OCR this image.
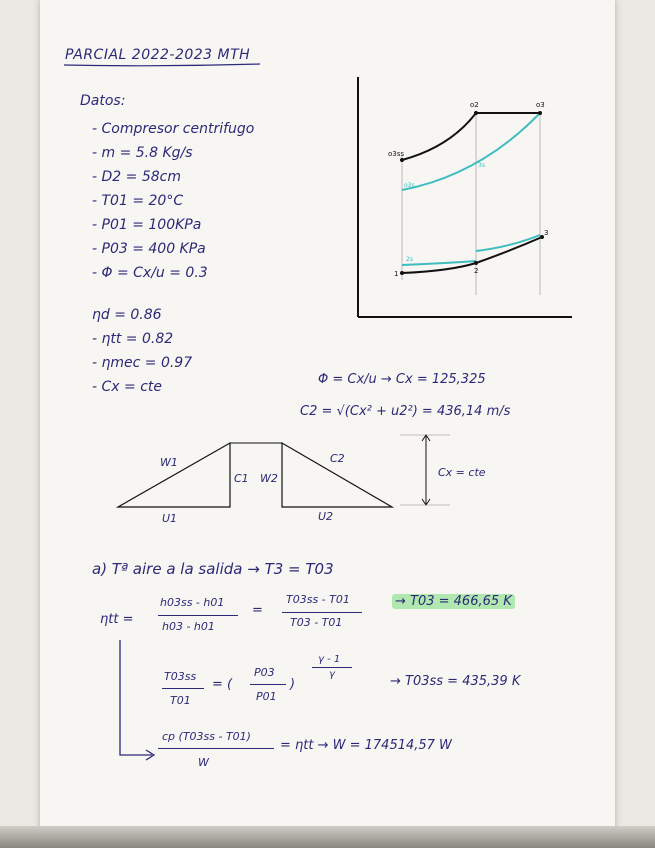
PARCIAL 2022-2023 MTH
Datos:
- Compresor centrifugo
- m = 5.8 Kg/s
- D2 = 58cm
- T01 = 20°C
- P01 = 100KPa
- P03 = 400 KPa
- Φ = Cx/u = 0.3
ηd = 0.86
- ηtt = 0.82
- ηmec = 0.97
- Cx = cte
o2	o3
o3ss
o3s
3s
1	2
3
2s
Φ = Cx/u → Cx = 125,325
C2 = √(Cx² + u2²) = 436,14 m/s
W1
C1
U1
W2
C2
U2
Cx = cte
a) Tª aire a la salida → T3 = T03
ηtt =
h03ss - h01
h03 - h01
=
T03ss - T01
T03 - T01
→ T03 = 466,65 K
T03ss
T01
= (
P03
P01
)
γ - 1
γ	→ T03ss = 435,39 K
cp (T03ss - T01)
W
= ηtt → W = 174514,57 W
